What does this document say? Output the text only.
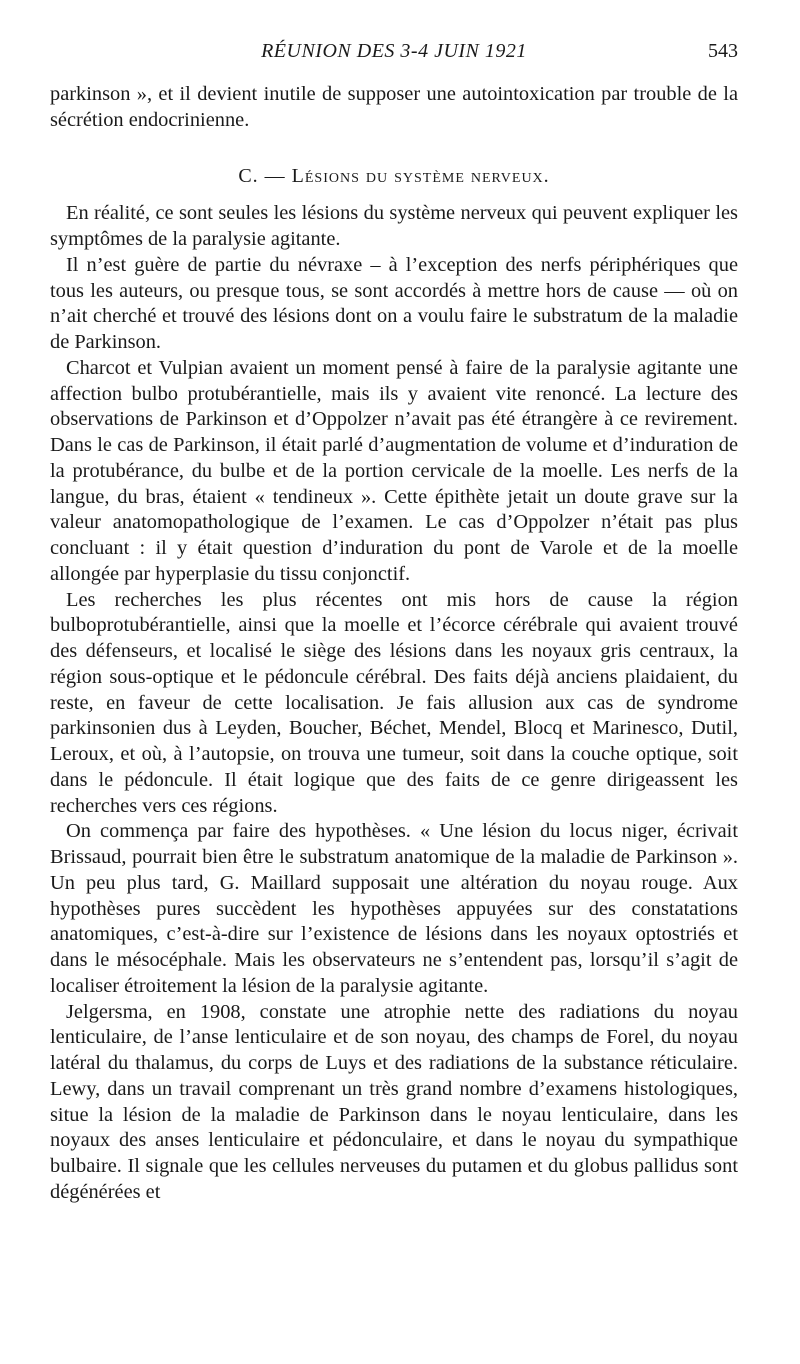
RÉUNION DES 3-4 JUIN 1921	543

parkinson », et il devient inutile de supposer une autointoxication par trouble de la sécrétion endocrinienne.

C. — Lésions du système nerveux.

En réalité, ce sont seules les lésions du système nerveux qui peuvent expliquer les symptômes de la paralysie agitante.

Il n’est guère de partie du névraxe – à l’exception des nerfs périphériques que tous les auteurs, ou presque tous, se sont accordés à mettre hors de cause — où on n’ait cherché et trouvé des lésions dont on a voulu faire le substratum de la maladie de Parkinson.

Charcot et Vulpian avaient un moment pensé à faire de la paralysie agitante une affection bulbo protubérantielle, mais ils y avaient vite renoncé. La lecture des observations de Parkinson et d’Oppolzer n’avait pas été étrangère à ce revirement. Dans le cas de Parkinson, il était parlé d’augmentation de volume et d’induration de la protubérance, du bulbe et de la portion cervicale de la moelle. Les nerfs de la langue, du bras, étaient « tendineux ». Cette épithète jetait un doute grave sur la valeur anatomopathologique de l’examen. Le cas d’Oppolzer n’était pas plus concluant : il y était question d’induration du pont de Varole et de la moelle allongée par hyperplasie du tissu conjonctif.

Les recherches les plus récentes ont mis hors de cause la région bulboprotubérantielle, ainsi que la moelle et l’écorce cérébrale qui avaient trouvé des défenseurs, et localisé le siège des lésions dans les noyaux gris centraux, la région sous-optique et le pédoncule cérébral. Des faits déjà anciens plaidaient, du reste, en faveur de cette localisation. Je fais allusion aux cas de syndrome parkinsonien dus à Leyden, Boucher, Béchet, Mendel, Blocq et Marinesco, Dutil, Leroux, et où, à l’autopsie, on trouva une tumeur, soit dans la couche optique, soit dans le pédoncule. Il était logique que des faits de ce genre dirigeassent les recherches vers ces régions.

On commença par faire des hypothèses. « Une lésion du locus niger, écrivait Brissaud, pourrait bien être le substratum anatomique de la maladie de Parkinson ». Un peu plus tard, G. Maillard supposait une altération du noyau rouge. Aux hypothèses pures succèdent les hypothèses appuyées sur des constatations anatomiques, c’est-à-dire sur l’existence de lésions dans les noyaux optostriés et dans le mésocéphale. Mais les observateurs ne s’entendent pas, lorsqu’il s’agit de localiser étroitement la lésion de la paralysie agitante.

Jelgersma, en 1908, constate une atrophie nette des radiations du noyau lenticulaire, de l’anse lenticulaire et de son noyau, des champs de Forel, du noyau latéral du thalamus, du corps de Luys et des radiations de la substance réticulaire. Lewy, dans un travail comprenant un très grand nombre d’examens histologiques, situe la lésion de la maladie de Parkinson dans le noyau lenticulaire, dans les noyaux des anses lenticulaire et pédonculaire, et dans le noyau du sympathique bulbaire. Il signale que les cellules nerveuses du putamen et du globus pallidus sont dégénérées et
